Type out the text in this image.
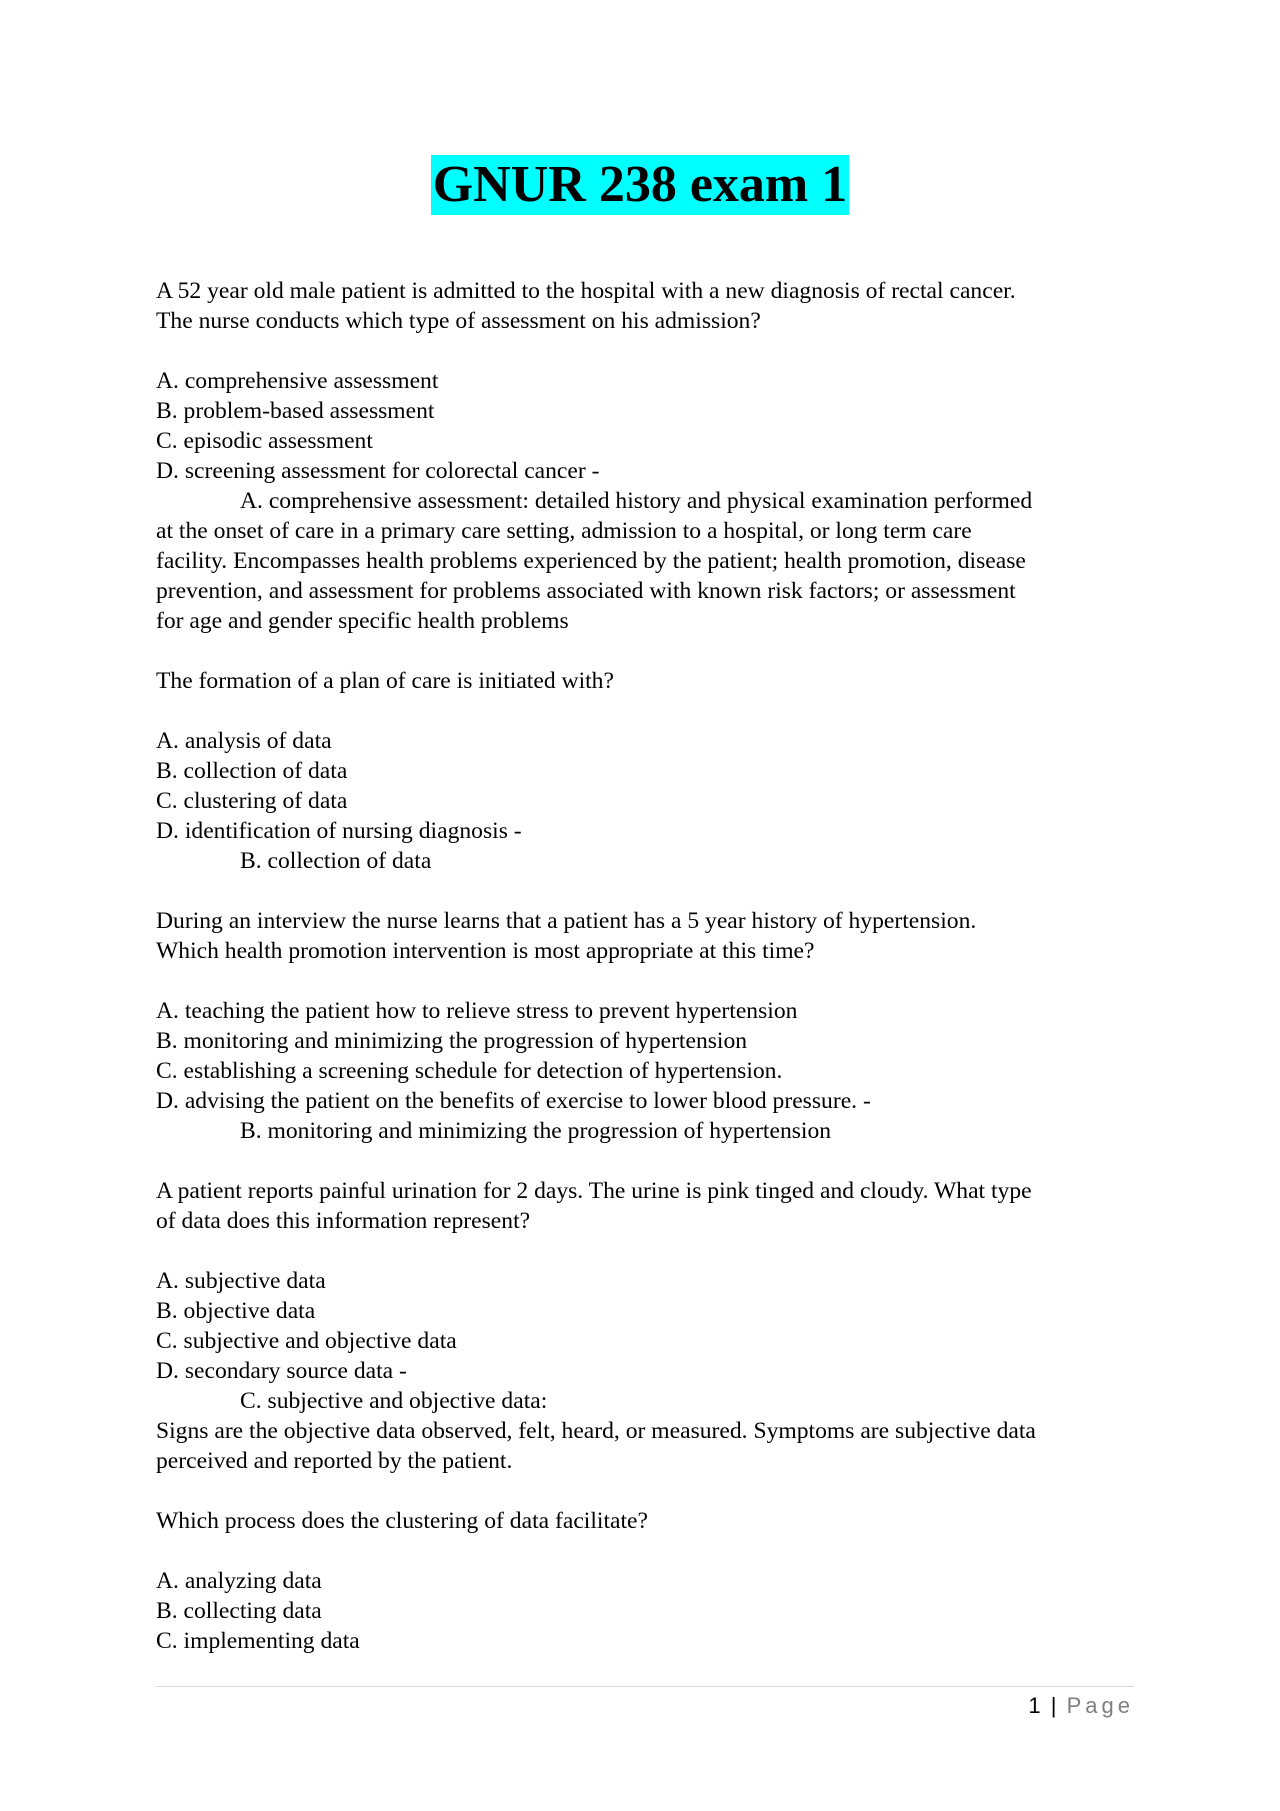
GNUR 238 exam 1
A 52 year old male patient is admitted to the hospital with a new diagnosis of rectal cancer.
The nurse conducts which type of assessment on his admission?
A. comprehensive assessment
B. problem-based assessment
C. episodic assessment
D. screening assessment for colorectal cancer -
A. comprehensive assessment: detailed history and physical examination performed
at the onset of care in a primary care setting, admission to a hospital, or long term care
facility. Encompasses health problems experienced by the patient; health promotion, disease
prevention, and assessment for problems associated with known risk factors; or assessment
for age and gender specific health problems
The formation of a plan of care is initiated with?
A. analysis of data
B. collection of data
C. clustering of data
D. identification of nursing diagnosis -
B. collection of data
During an interview the nurse learns that a patient has a 5 year history of hypertension.
Which health promotion intervention is most appropriate at this time?
A. teaching the patient how to relieve stress to prevent hypertension
B. monitoring and minimizing the progression of hypertension
C. establishing a screening schedule for detection of hypertension.
D. advising the patient on the benefits of exercise to lower blood pressure. -
B. monitoring and minimizing the progression of hypertension
A patient reports painful urination for 2 days. The urine is pink tinged and cloudy. What type
of data does this information represent?
A. subjective data
B. objective data
C. subjective and objective data
D. secondary source data -
C. subjective and objective data:
Signs are the objective data observed, felt, heard, or measured. Symptoms are subjective data
perceived and reported by the patient.
Which process does the clustering of data facilitate?
A. analyzing data
B. collecting data
C. implementing data
1 | Page
